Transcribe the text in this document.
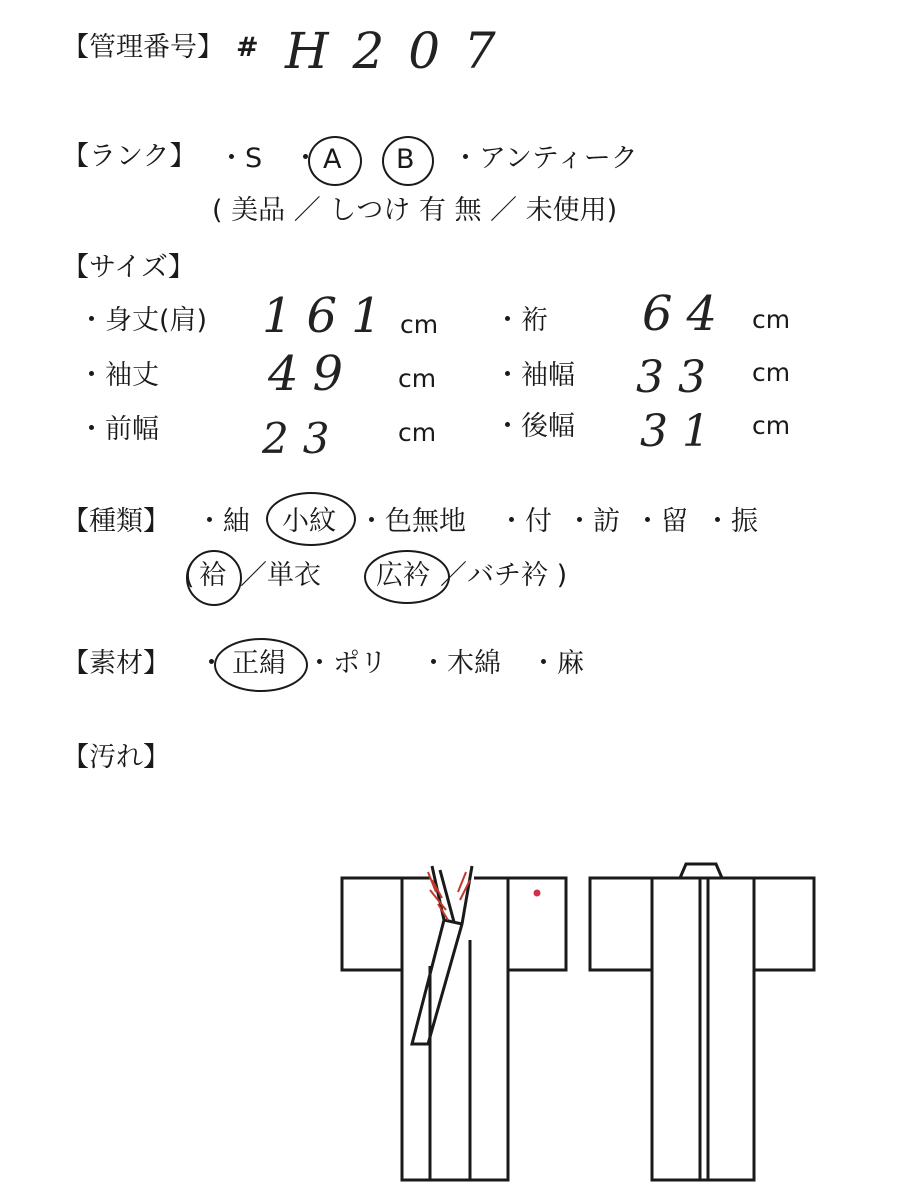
【管理番号】 # H 2 0 7
【ランク】 ・S ・ A B ・アンティーク
( 美品 ／ しつけ 有 無 ／ 未使用)
【サイズ】
・身丈(肩) 161 cm ・裄 64 cm
・袖丈 49 cm ・袖幅 33 cm
・前幅 23 cm ・後幅 31 cm
【種類】 ・紬 小紋 ・色無地 ・付 ・訪 ・留 ・振
( 袷 ／単衣 広衿 ／バチ衿 )
【素材】 ・ 正絹 ・ポリ ・木綿 ・麻
【汚れ】
